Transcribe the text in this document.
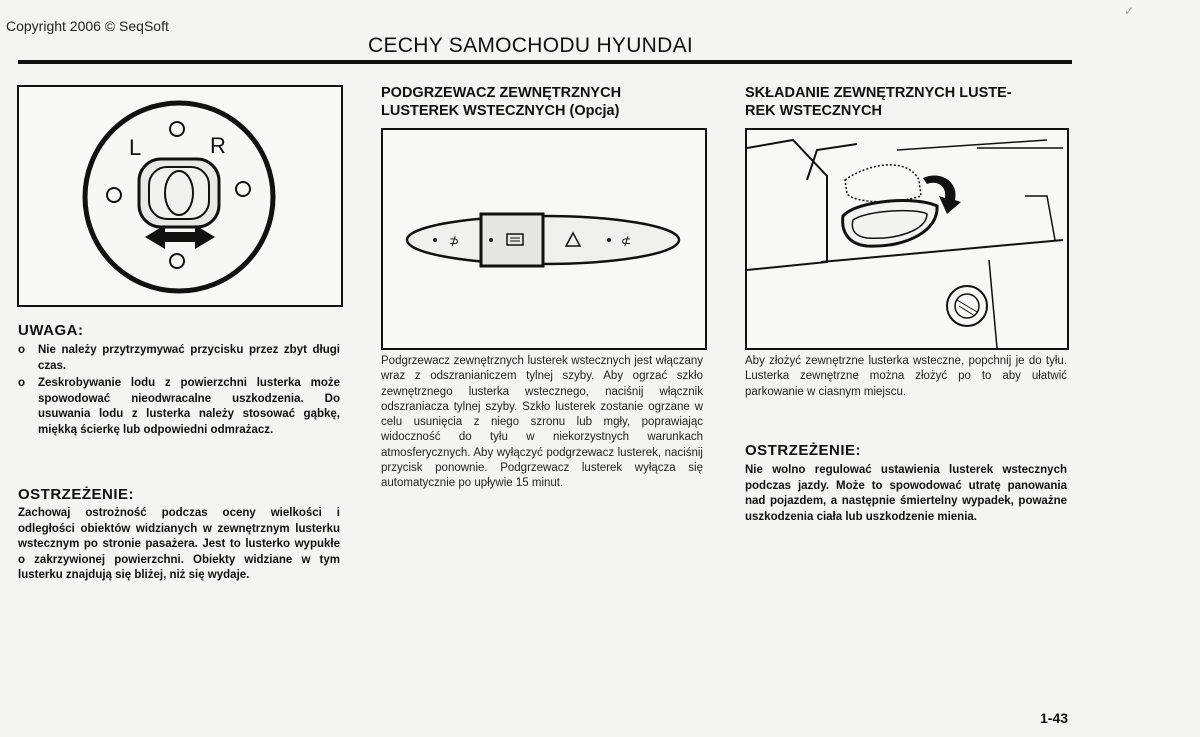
Copyright 2006 © SeqSoft
✓
CECHY SAMOCHODU HYUNDAI
L	R
UWAGA:
o Nie należy przytrzymywać przycisku przez zbyt długi czas.
o Zeskrobywanie lodu z powierzchni lusterka może spowodować nieodwracalne uszkodzenia. Do usuwania lodu z lusterka należy stosować gąbkę, miękką ścierkę lub odpowiedni odmrażacz.
OSTRZEŻENIE:
Zachowaj ostrożność podczas oceny wielkości i odległości obiektów widzianych w zewnętrznym lusterku wstecznym po stronie pasażera. Jest to lusterko wypukłe o zakrzywionej powierzchni. Obiekty widziane w tym lusterku znajdują się bliżej, niż się wydaje.
PODGRZEWACZ ZEWNĘTRZNYCH
LUSTEREK WSTECZNYCH (Opcja)
⊅	⊄
Podgrzewacz zewnętrznych lusterek wstecznych jest włączany wraz z odszranianiczem tylnej szyby. Aby ogrzać szkło zewnętrznego lusterka wstecznego, naciśnij włącznik odszraniacza tylnej szyby. Szkło lusterek zostanie ogrzane w celu usunięcia z niego szronu lub mgły, poprawiając widoczność do tyłu w niekorzystnych warunkach atmosferycznych. Aby wyłączyć podgrzewacz lusterek, naciśnij przycisk ponownie. Podgrzewacz lusterek wyłącza się automatycznie po upływie 15 minut.
SKŁADANIE ZEWNĘTRZNYCH LUSTE-
REK WSTECZNYCH
Aby złożyć zewnętrzne lusterka wsteczne, popchnij je do tyłu. Lusterka zewnętrzne można złożyć po to aby ułatwić parkowanie w ciasnym miejscu.
OSTRZEŻENIE:
Nie wolno regulować ustawienia lusterek wstecznych podczas jazdy. Może to spowodować utratę panowania nad pojazdem, a następnie śmiertelny wypadek, poważne uszkodzenia ciała lub uszkodzenie mienia.
1-43
